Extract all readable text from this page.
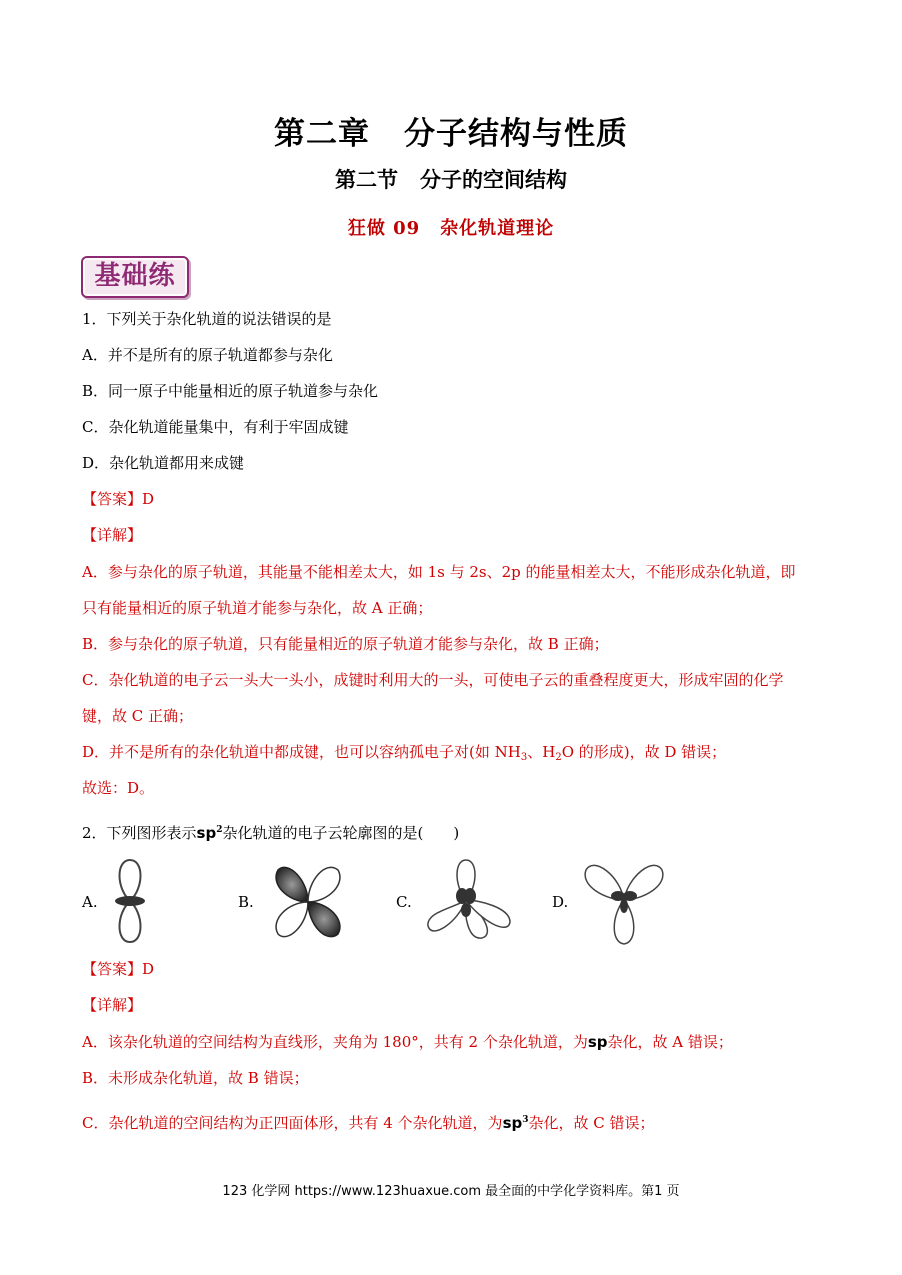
第二章 分子结构与性质
第二节 分子的空间结构
狂做 09 杂化轨道理论
基础练
1．下列关于杂化轨道的说法错误的是
A．并不是所有的原子轨道都参与杂化
B．同一原子中能量相近的原子轨道参与杂化
C．杂化轨道能量集中，有利于牢固成键
D．杂化轨道都用来成键
【答案】D
【详解】
A．参与杂化的原子轨道，其能量不能相差太大，如 1s 与 2s、2p 的能量相差太大，不能形成杂化轨道，即
只有能量相近的原子轨道才能参与杂化，故 A 正确；
B．参与杂化的原子轨道，只有能量相近的原子轨道才能参与杂化，故 B 正确；
C．杂化轨道的电子云一头大一头小，成键时利用大的一头，可使电子云的重叠程度更大，形成牢固的化学
键，故 C 正确；
D．并不是所有的杂化轨道中都成键，也可以容纳孤电子对(如 $NH_3$、$H_2O$ 的形成)，故 D 错误；
故选：D。
2．下列图形表示$sp^2$杂化轨道的电子云轮廓图的是(　　)
A.	B.	C.	D.
【答案】D
【详解】
A．该杂化轨道的空间结构为直线形，夹角为 180°，共有 2 个杂化轨道，为sp杂化，故 A 错误；
B．未形成杂化轨道，故 B 错误；
C．杂化轨道的空间结构为正四面体形，共有 4 个杂化轨道，为$sp^3$杂化，故 C 错误；
123 化学网 https://www.123huaxue.com 最全面的中学化学资料库。第1 页
